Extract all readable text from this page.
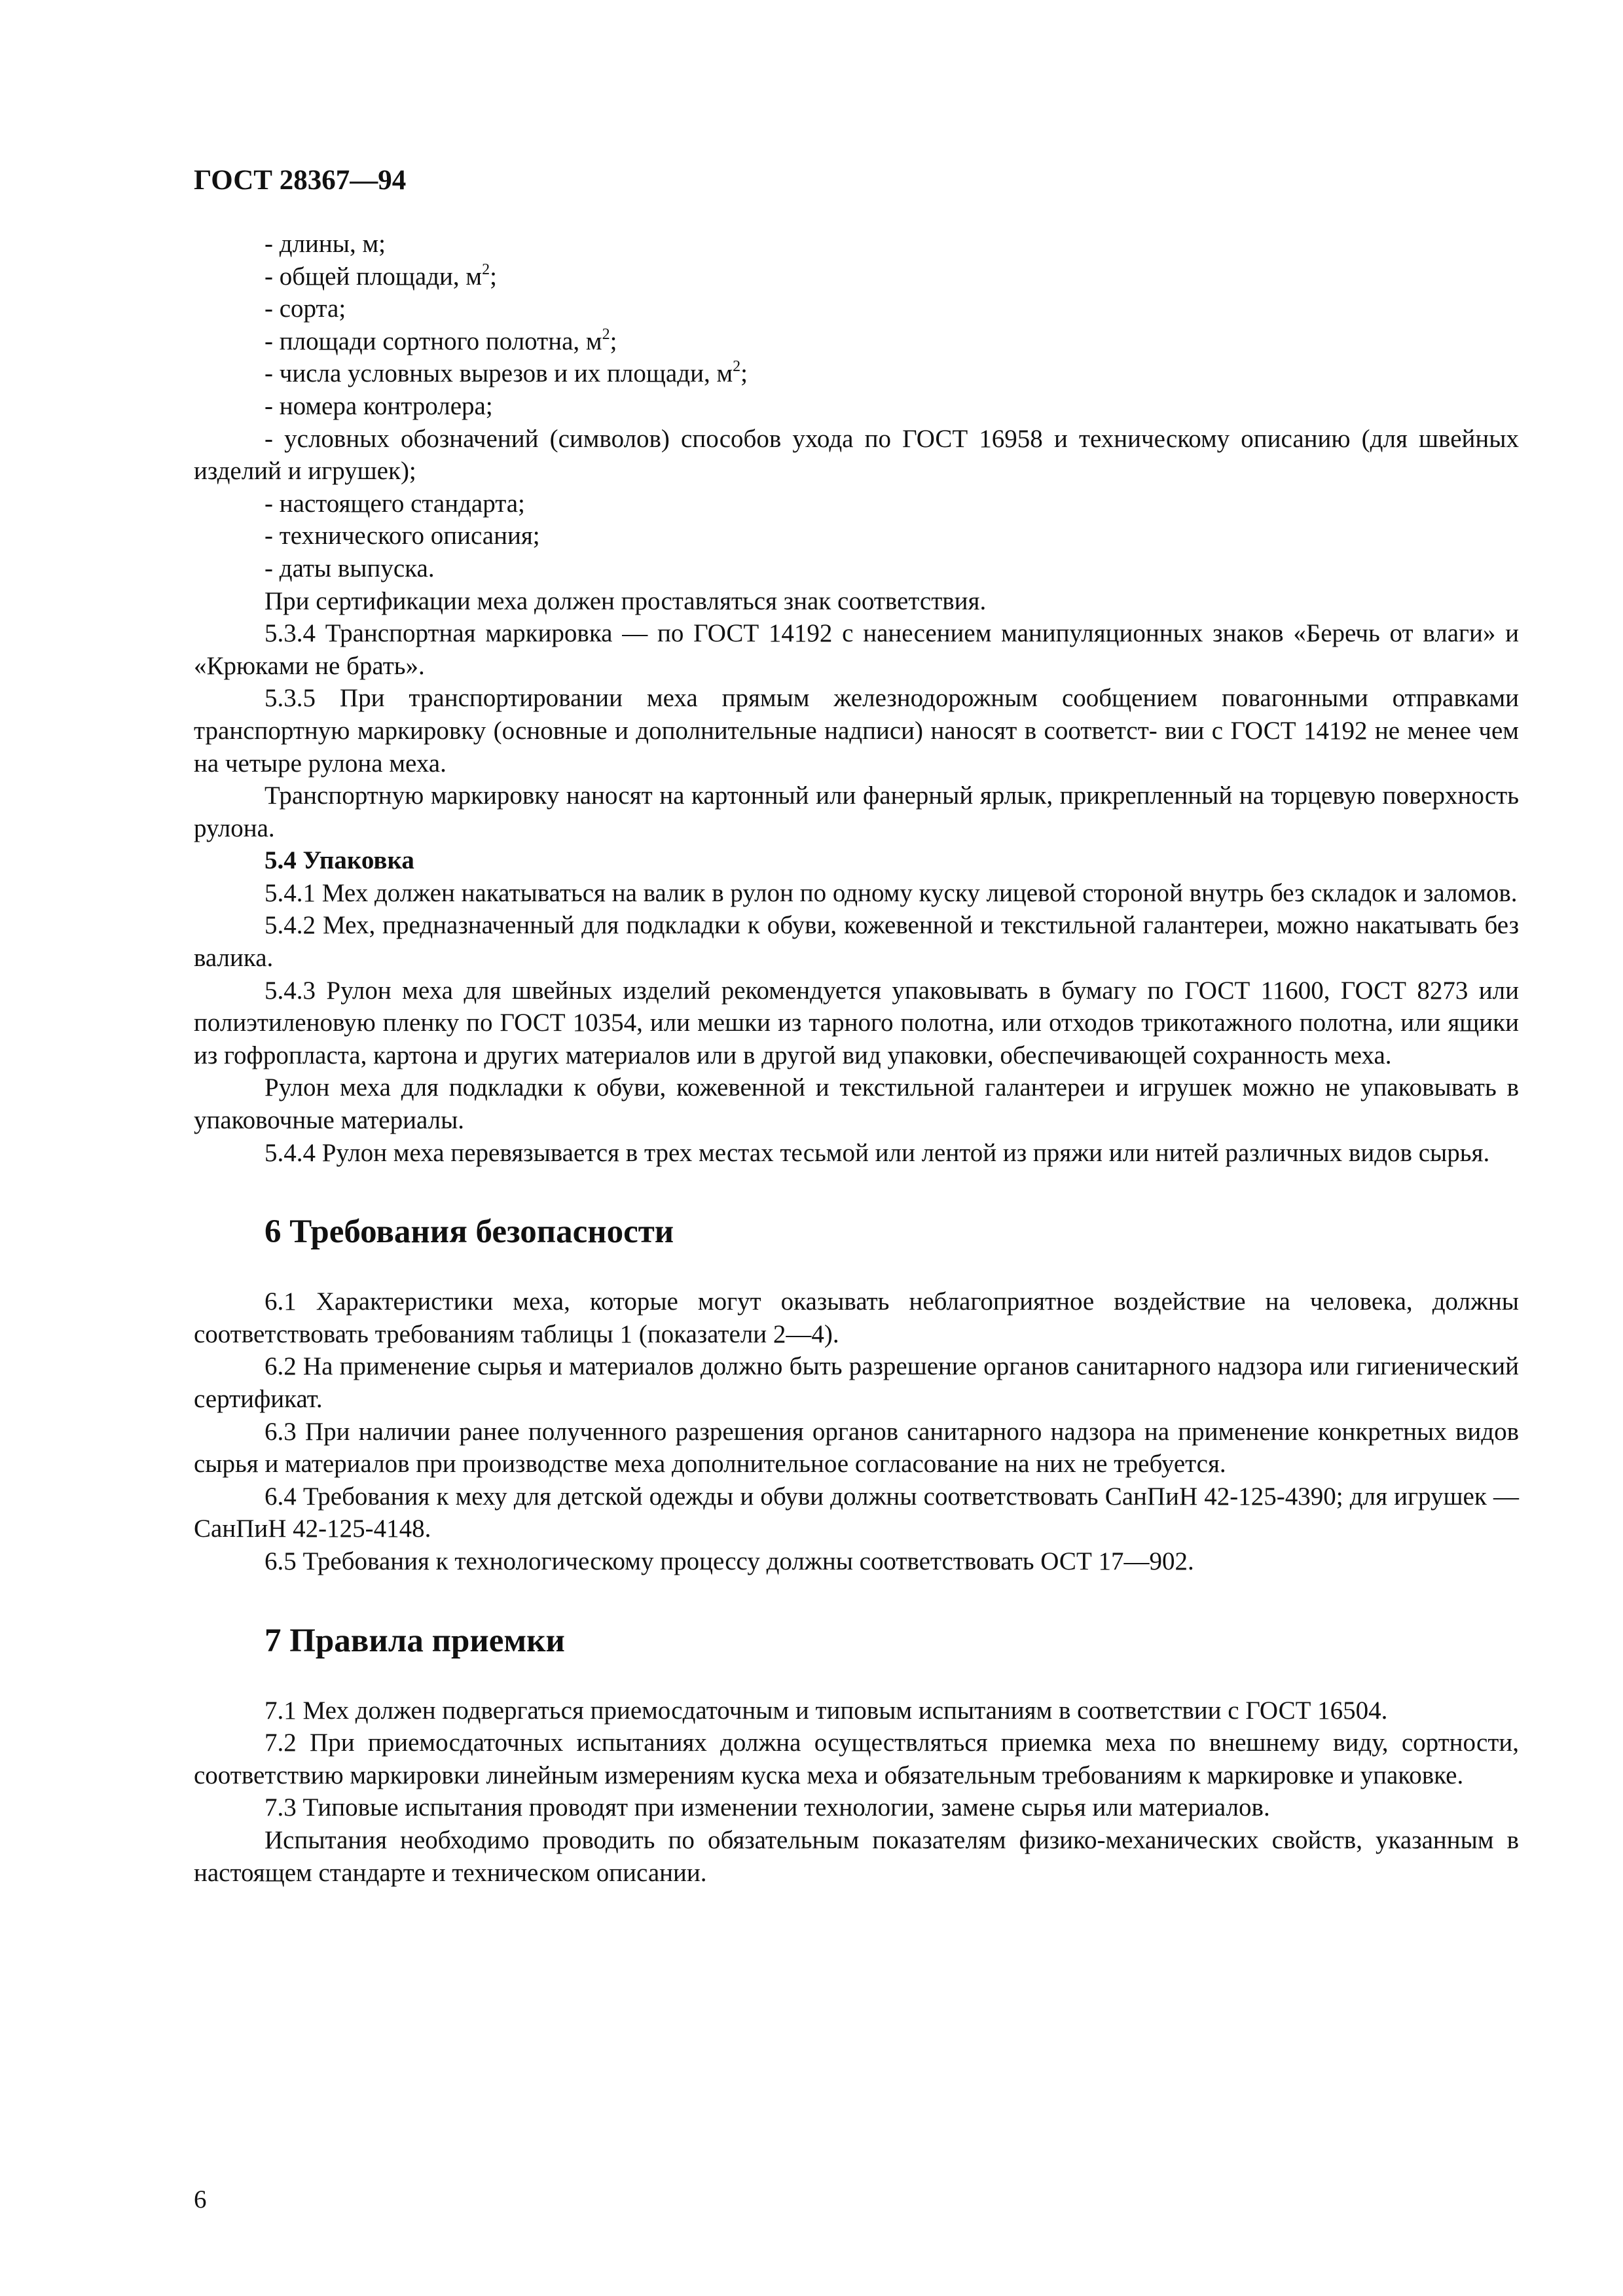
ГОСТ 28367—94
- длины, м;
- общей площади, $м^2$;
- сорта;
- площади сортного полотна, $м^2$;
- числа условных вырезов и их площади, $м^2$;
- номера контролера;
- условных обозначений (символов) способов ухода по ГОСТ 16958 и техническому описанию (для швейных изделий и игрушек);
- настоящего стандарта;
- технического описания;
- даты выпуска.
При сертификации меха должен проставляться знак соответствия.
5.3.4 Транспортная маркировка — по ГОСТ 14192 с нанесением манипуляционных знаков «Беречь от влаги» и «Крюками не брать».
5.3.5 При транспортировании меха прямым железнодорожным сообщением повагонными отправками транспортную маркировку (основные и дополнительные надписи) наносят в соответст- вии с ГОСТ 14192 не менее чем на четыре рулона меха.
Транспортную маркировку наносят на картонный или фанерный ярлык, прикрепленный на торцевую поверхность рулона.
5.4 Упаковка
5.4.1 Мех должен накатываться на валик в рулон по одному куску лицевой стороной внутрь без складок и заломов.
5.4.2 Мех, предназначенный для подкладки к обуви, кожевенной и текстильной галантереи, можно накатывать без валика.
5.4.3 Рулон меха для швейных изделий рекомендуется упаковывать в бумагу по ГОСТ 11600, ГОСТ 8273 или полиэтиленовую пленку по ГОСТ 10354, или мешки из тарного полотна, или отходов трикотажного полотна, или ящики из гофропласта, картона и других материалов или в другой вид упаковки, обеспечивающей сохранность меха.
Рулон меха для подкладки к обуви, кожевенной и текстильной галантереи и игрушек можно не упаковывать в упаковочные материалы.
5.4.4 Рулон меха перевязывается в трех местах тесьмой или лентой из пряжи или нитей различных видов сырья.
6 Требования безопасности
6.1 Характеристики меха, которые могут оказывать неблагоприятное воздействие на человека, должны соответствовать требованиям таблицы 1 (показатели 2—4).
6.2 На применение сырья и материалов должно быть разрешение органов санитарного надзора или гигиенический сертификат.
6.3 При наличии ранее полученного разрешения органов санитарного надзора на применение конкретных видов сырья и материалов при производстве меха дополнительное согласование на них не требуется.
6.4 Требования к меху для детской одежды и обуви должны соответствовать СанПиН 42-125-4390; для игрушек — СанПиН 42-125-4148.
6.5 Требования к технологическому процессу должны соответствовать ОСТ 17—902.
7 Правила приемки
7.1 Мех должен подвергаться приемосдаточным и типовым испытаниям в соответствии с ГОСТ 16504.
7.2 При приемосдаточных испытаниях должна осуществляться приемка меха по внешнему виду, сортности, соответствию маркировки линейным измерениям куска меха и обязательным требованиям к маркировке и упаковке.
7.3 Типовые испытания проводят при изменении технологии, замене сырья или материалов.
Испытания необходимо проводить по обязательным показателям физико-механических свойств, указанным в настоящем стандарте и техническом описании.
6
